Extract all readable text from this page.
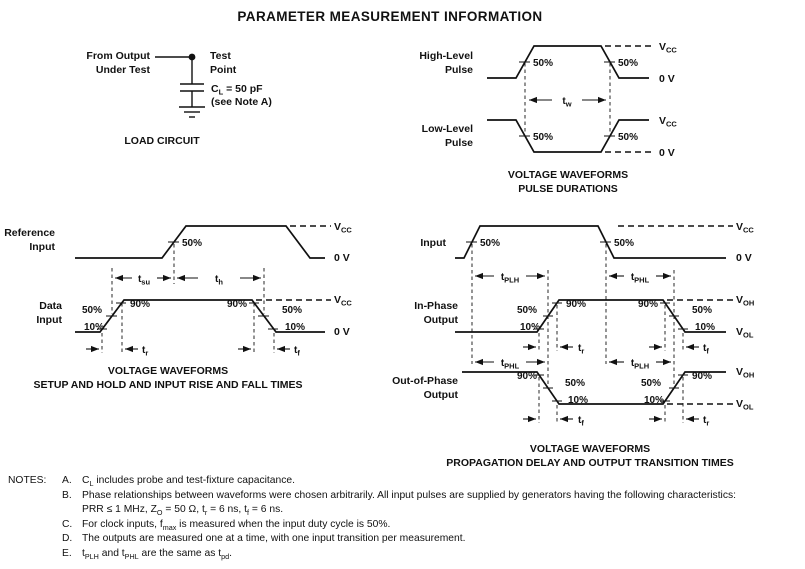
PARAMETER MEASUREMENT INFORMATION
From Output
Under Test
Test
Point
$C_L = 50$ pF
(see Note A)
LOAD CIRCUIT
High-Level
Pulse
50%	50%
$V_{CC}$
0 V
$t_w$
Low-Level
Pulse	50%	50%
$V_{CC}$
0 V
VOLTAGE WAVEFORMS
PULSE DURATIONS
Reference
Input	50%
$V_{CC}$
0 V
$t_{su}$	$t_h$
Data
Input
50%
10%
90%	90%
50%
10%
$V_{CC}$
0 V
$t_r$	$t_f$
VOLTAGE WAVEFORMS
SETUP AND HOLD AND INPUT RISE AND FALL TIMES
Input	50%	50%
$V_{CC}$
0 V
$t_{PLH}$	$t_{PHL}$
In-Phase
Output
50%
10%
90%	90%
50%
10%
$V_{OH}$
$V_{OL}$
$t_r$	$t_f$
$t_{PHL}$	$t_{PLH}$
Out-of-Phase
Output
90%
50%
10%
50%
10%
90% $V_{OH}$
$V_{OL}$
$t_f$	$t_r$
VOLTAGE WAVEFORMS
PROPAGATION DELAY AND OUTPUT TRANSITION TIMES
NOTES:	A. $C_L$ includes probe and test-fixture capacitance.
B. Phase relationships between waveforms were chosen arbitrarily. All input pulses are supplied by generators having the following characteristics: PRR ≤ 1 MHz, $Z_O = 50$ Ω, $t_r = 6$ ns, $t_f = 6$ ns.
C. For clock inputs, $f_{max}$ is measured when the input duty cycle is 50%.
D. The outputs are measured one at a time, with one input transition per measurement.
E. $t_{PLH}$ and $t_{PHL}$ are the same as $t_{pd}$.
